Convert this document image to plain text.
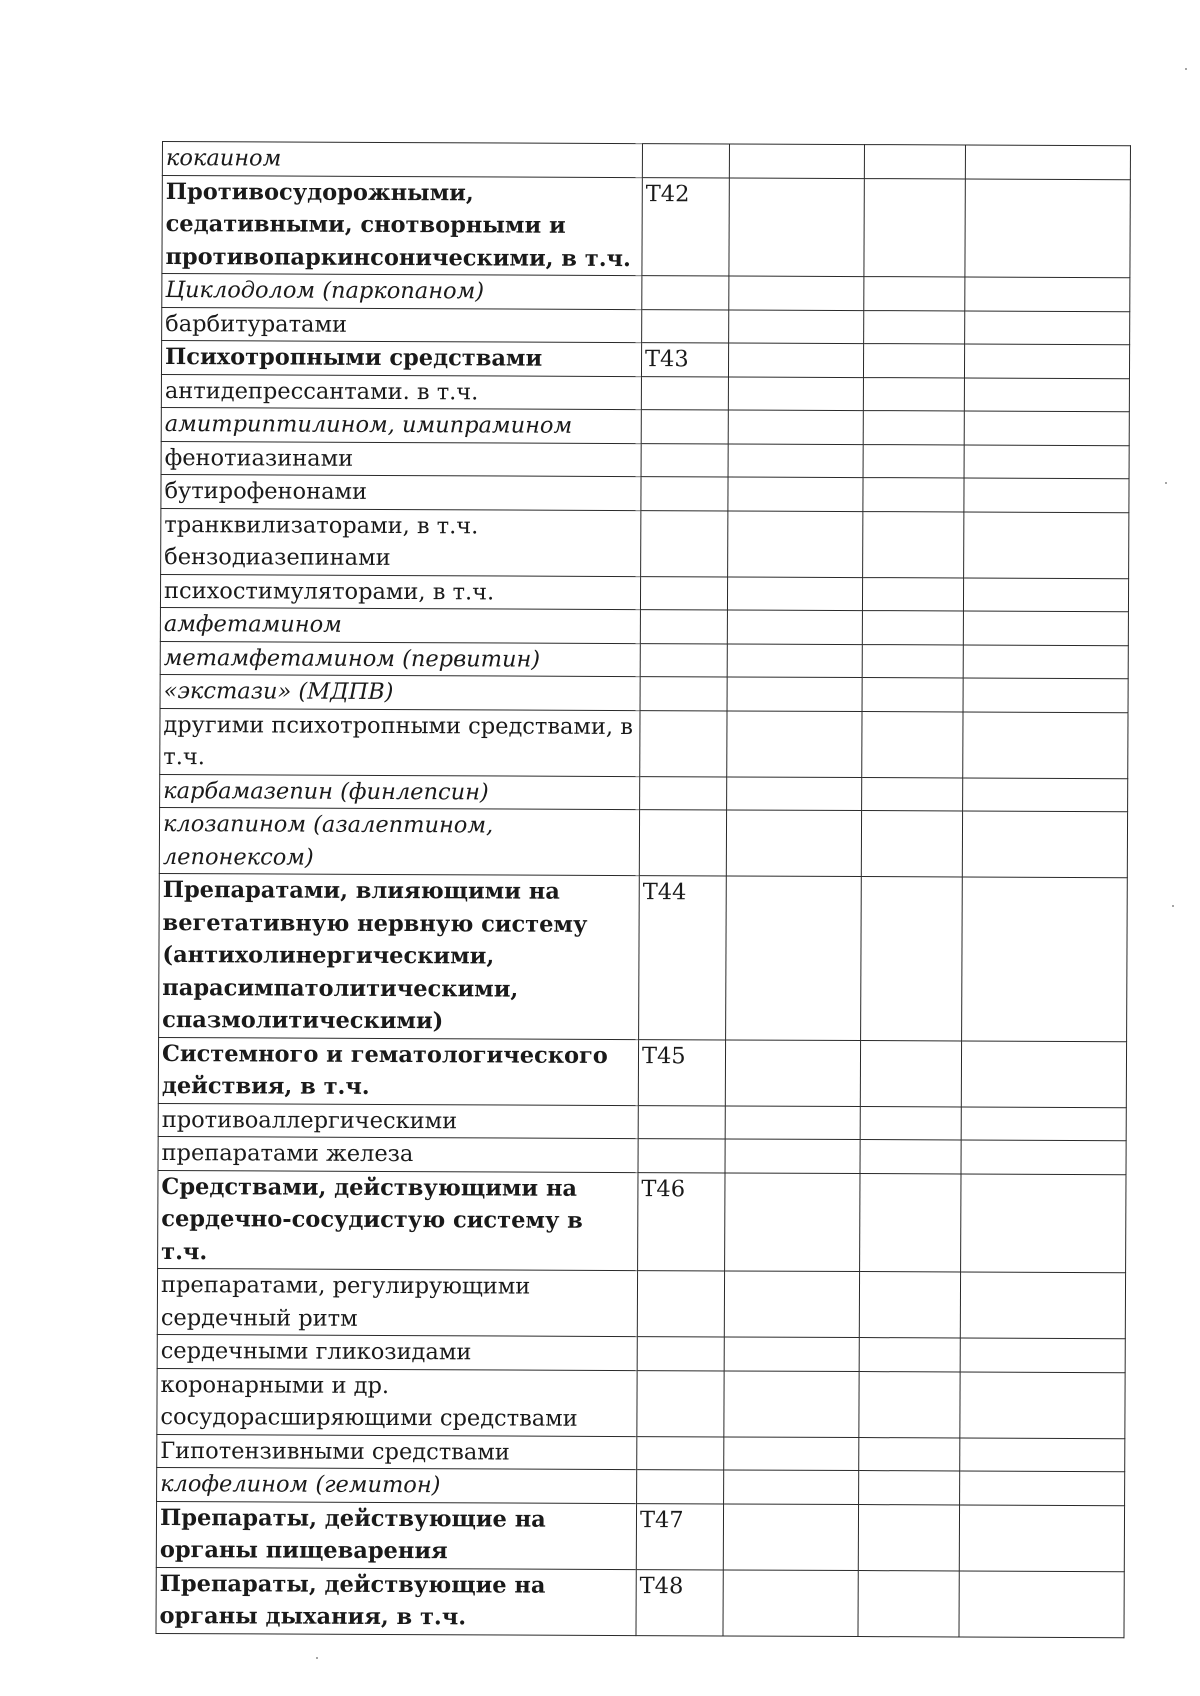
кокаином				
Противосудорожными, седативными, снотворными и противопаркинсоническими, в т.ч.	T42			
Циклодолом (паркопаном)				
барбитуратами				
Психотропными средствами	T43			
антидепрессантами. в т.ч.				
амитриптилином, имипрамином				
фенотиазинами				
бутирофенонами				
транквилизаторами, в т.ч. бензодиазепинами				
психостимуляторами, в т.ч.				
амфетамином				
метамфетамином (первитин)				
«экстази» (МДПВ)				
другими психотропными средствами, в т.ч.				
карбамазепин (финлепсин)				
клозапином (азалептином, лепонексом)				
Препаратами, влияющими на вегетативную нервную систему (антихолинергическими, парасимпатолитическими, спазмолитическими)	T44			
Системного и гематологического действия, в т.ч.	T45			
противоаллергическими				
препаратами железа				
Средствами, действующими на сердечно-сосудистую систему в т.ч.	T46			
препаратами, регулирующими сердечный ритм				
сердечными гликозидами				
коронарными и др. сосудорасширяющими средствами				
Гипотензивными средствами				
клофелином (гемитон)				
Препараты, действующие на органы пищеварения	T47			
Препараты, действующие на органы дыхания, в т.ч.	T48			
